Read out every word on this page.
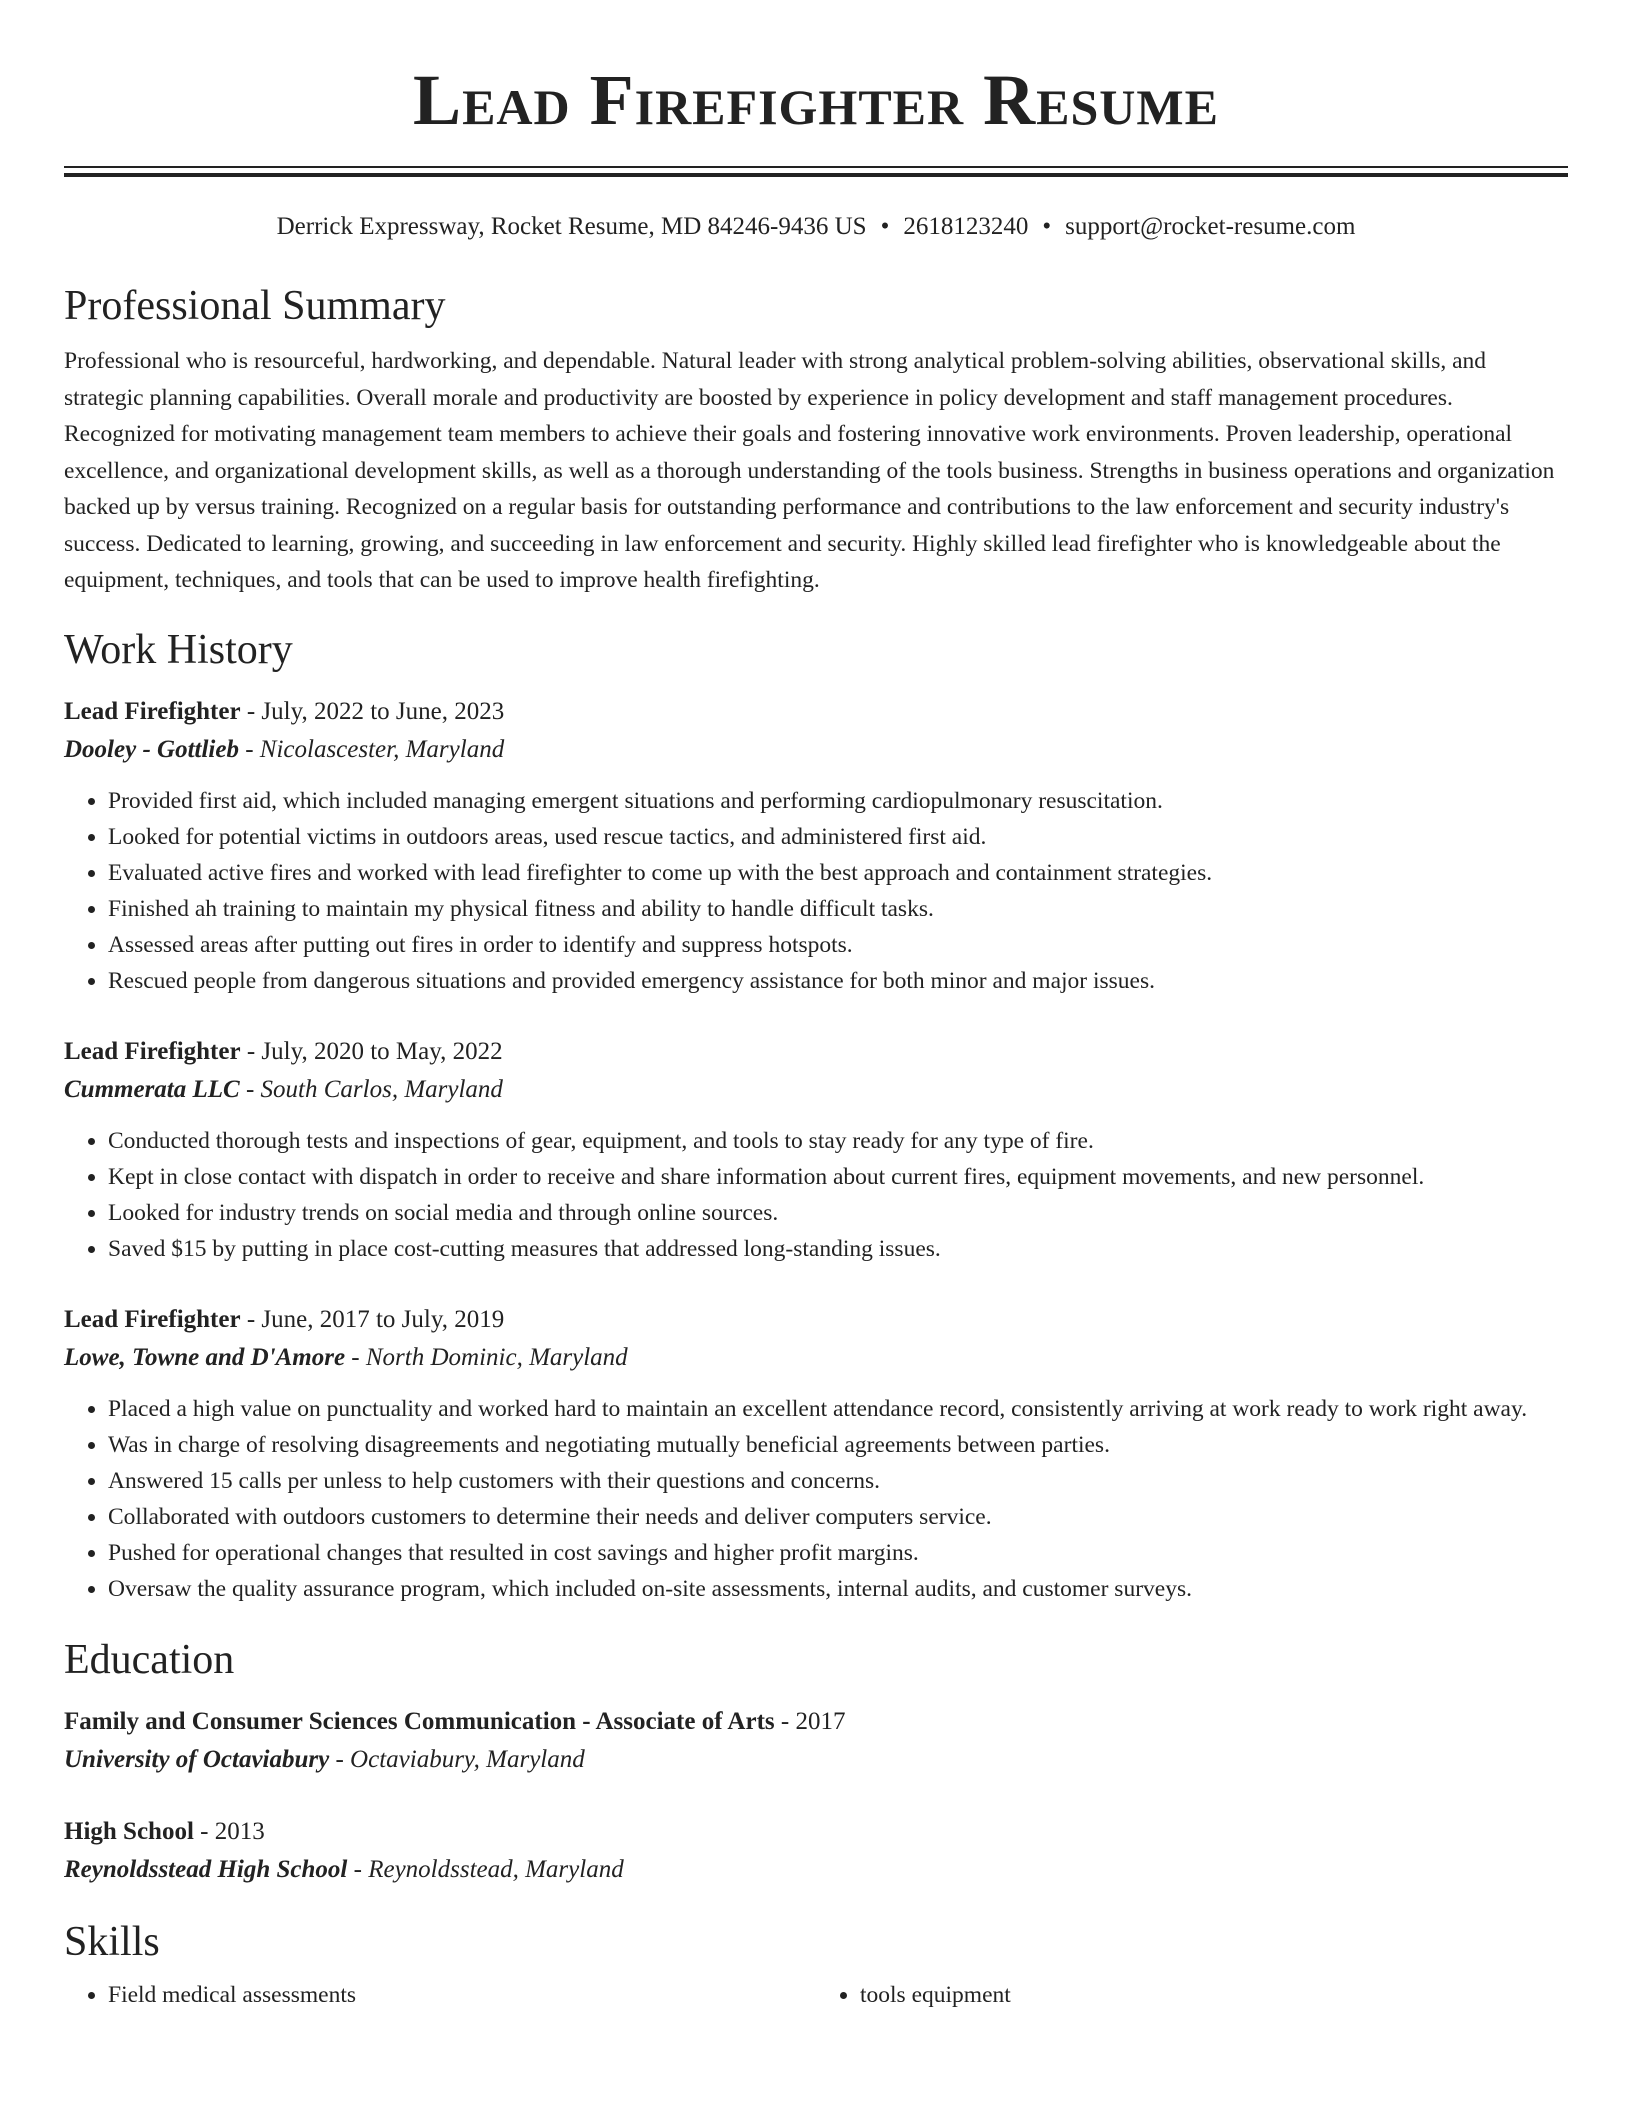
Lead Firefighter Resume
Derrick Expressway, Rocket Resume, MD 84246-9436 US • 2618123240 • support@rocket-resume.com
Professional Summary

Professional who is resourceful, hardworking, and dependable. Natural leader with strong analytical problem-solving abilities, observational skills, and strategic planning capabilities. Overall morale and productivity are boosted by experience in policy development and staff management procedures. Recognized for motivating management team members to achieve their goals and fostering innovative work environments. Proven leadership, operational excellence, and organizational development skills, as well as a thorough understanding of the tools business. Strengths in business operations and organization backed up by versus training. Recognized on a regular basis for outstanding performance and contributions to the law enforcement and security industry's success. Dedicated to learning, growing, and succeeding in law enforcement and security. Highly skilled lead firefighter who is knowledgeable about the equipment, techniques, and tools that can be used to improve health firefighting.

Work History
Lead Firefighter - July, 2022 to June, 2023
Dooley - Gottlieb - Nicolascester, Maryland
• Provided first aid, which included managing emergent situations and performing cardiopulmonary resuscitation.
• Looked for potential victims in outdoors areas, used rescue tactics, and administered first aid.
• Evaluated active fires and worked with lead firefighter to come up with the best approach and containment strategies.
• Finished ah training to maintain my physical fitness and ability to handle difficult tasks.
• Assessed areas after putting out fires in order to identify and suppress hotspots.
• Rescued people from dangerous situations and provided emergency assistance for both minor and major issues.
Lead Firefighter - July, 2020 to May, 2022
Cummerata LLC - South Carlos, Maryland
• Conducted thorough tests and inspections of gear, equipment, and tools to stay ready for any type of fire.
• Kept in close contact with dispatch in order to receive and share information about current fires, equipment movements, and new personnel.
• Looked for industry trends on social media and through online sources.
• Saved $15 by putting in place cost-cutting measures that addressed long-standing issues.
Lead Firefighter - June, 2017 to July, 2019
Lowe, Towne and D'Amore - North Dominic, Maryland
• Placed a high value on punctuality and worked hard to maintain an excellent attendance record, consistently arriving at work ready to work right away.
• Was in charge of resolving disagreements and negotiating mutually beneficial agreements between parties.
• Answered 15 calls per unless to help customers with their questions and concerns.
• Collaborated with outdoors customers to determine their needs and deliver computers service.
• Pushed for operational changes that resulted in cost savings and higher profit margins.
• Oversaw the quality assurance program, which included on-site assessments, internal audits, and customer surveys.
Education
Family and Consumer Sciences Communication - Associate of Arts - 2017
University of Octaviabury - Octaviabury, Maryland
High School - 2013
Reynoldsstead High School - Reynoldsstead, Maryland
Skills
• Field medical assessments
•	tools equipment
